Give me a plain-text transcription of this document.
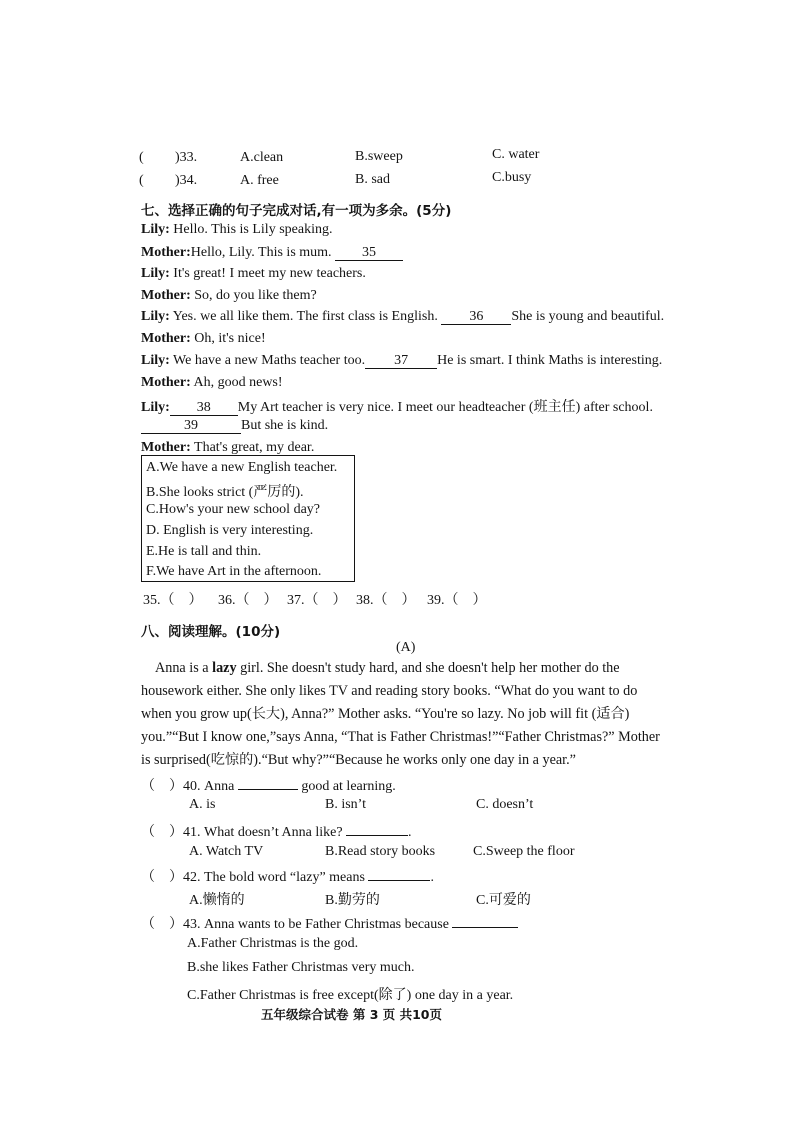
( )33.	A.clean	B.sweep	C. water
( )34.	A. free	B. sad	C.busy
七、选择正确的句子完成对话,有一项为多余。(5分)
Lily: Hello. This is Lily speaking.
Mother:Hello, Lily. This is mum. 35
Lily: It's great! I meet my new teachers.
Mother: So, do you like them?
Lily: Yes. we all like them. The first class is English. 36 She is young and beautiful.
Mother: Oh, it's nice!
Lily: We have a new Maths teacher too. 37 He is smart. I think Maths is interesting.
Mother: Ah, good news!
Lily: 38 My Art teacher is very nice. I meet our headteacher (班主任) after school.
39	But she is kind.
Mother: That's great, my dear.
A.We have a new English teacher.
B.She looks strict (严厉的).
C.How's your new school day?
D. English is very interesting.
E.He is tall and thin.
F.We have Art in the afternoon.
35.（　） 36.（　） 37.（　） 38.（　） 39.（　）
八、阅读理解。(10分)
(A)

Anna is a lazy girl. She doesn't study hard, and she doesn't help her mother do the housework either. She only likes TV and reading story books. “What do you want to do when you grow up(长大), Anna?” Mother asks. “You're so lazy. No job will fit (适合) you.”“But I know one,”says Anna, “That is Father Christmas!”“Father Christmas?” Mother is surprised(吃惊的).“But why?”“Because he works only one day in a year.”

（　）40. Anna	good at learning.
A. is	B. isn’t	C. doesn’t
（　）41. What doesn’t Anna like?	.
A. Watch TV	B.Read story books	C.Sweep the floor
（　）42. The bold word “lazy” means	.
A.懒惰的	B.勤劳的	C.可爱的
（　）43. Anna wants to be Father Christmas because
A.Father Christmas is the god.
B.she likes Father Christmas very much.
C.Father Christmas is free except(除了) one day in a year.
五年级综合试卷 第 3 页 共10页
